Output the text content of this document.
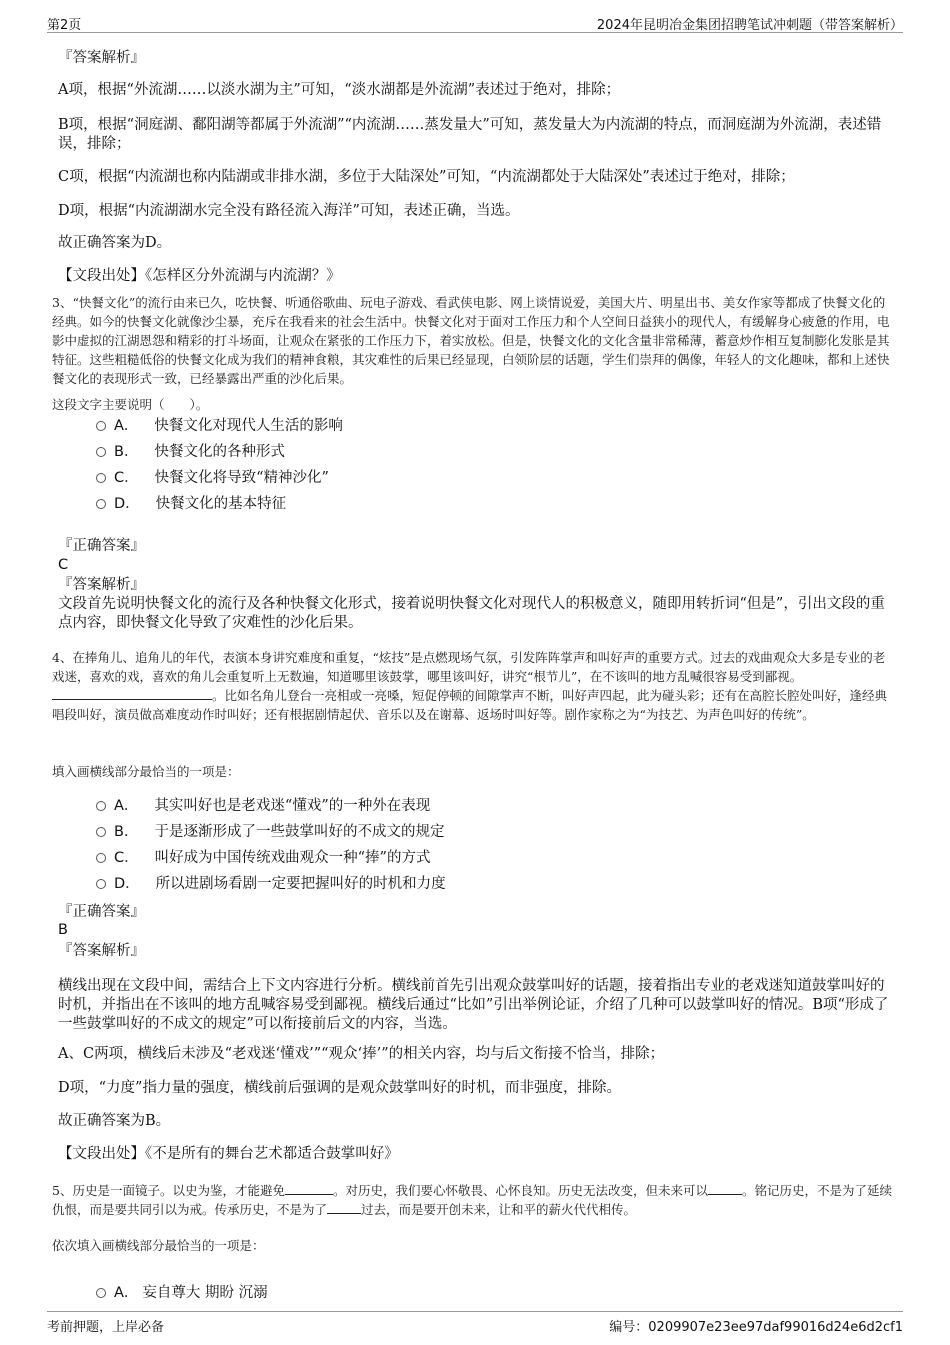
第2页	2024年昆明冶金集团招聘笔试冲刺题（带答案解析）
『答案解析』
A项，根据“外流湖……以淡水湖为主”可知，“淡水湖都是外流湖”表述过于绝对，排除；
B项，根据“洞庭湖、鄱阳湖等都属于外流湖”“内流湖……蒸发量大”可知，蒸发量大为内流湖的特点，而洞庭湖为外流湖，表述错误，排除；
C项，根据“内流湖也称内陆湖或非排水湖，多位于大陆深处”可知，“内流湖都处于大陆深处”表述过于绝对，排除；
D项，根据“内流湖湖水完全没有路径流入海洋”可知，表述正确，当选。
故正确答案为D。
【文段出处】《怎样区分外流湖与内流湖？》
3、“快餐文化”的流行由来已久，吃快餐、听通俗歌曲、玩电子游戏、看武侠电影、网上谈情说爱，美国大片、明星出书、美女作家等都成了快餐文化的经典。如今的快餐文化就像沙尘暴，充斥在我看来的社会生活中。快餐文化对于面对工作压力和个人空间日益狭小的现代人，有缓解身心疲惫的作用，电影中虚拟的江湖恩怨和精彩的打斗场面，让观众在紧张的工作压力下，着实放松。但是，快餐文化的文化含量非常稀薄，蓄意炒作相互复制膨化发胀是其特征。这些粗糙低俗的快餐文化成为我们的精神食粮，其灾难性的后果已经显现，白领阶层的话题，学生们崇拜的偶像，年轻人的文化趣味，都和上述快餐文化的表现形式一致，已经暴露出严重的沙化后果。
这段文字主要说明（　　）。
A． 快餐文化对现代人生活的影响
B． 快餐文化的各种形式
C． 快餐文化将导致“精神沙化”
D． 快餐文化的基本特征
『正确答案』
C
『答案解析』
文段首先说明快餐文化的流行及各种快餐文化形式，接着说明快餐文化对现代人的积极意义，随即用转折词“但是”，引出文段的重点内容，即快餐文化导致了灾难性的沙化后果。
4、在捧角儿、追角儿的年代，表演本身讲究难度和重复，“炫技”是点燃现场气氛，引发阵阵掌声和叫好声的重要方式。过去的戏曲观众大多是专业的老戏迷，喜欢的戏，喜欢的角儿会重复听上无数遍，知道哪里该鼓掌，哪里该叫好，讲究“根节儿”，在不该叫的地方乱喊很容易受到鄙视。。比如名角儿登台一亮相或一亮嗓，短促停顿的间隙掌声不断，叫好声四起，此为碰头彩；还有在高腔长腔处叫好，逢经典唱段叫好，演员做高难度动作时叫好；还有根据剧情起伏、音乐以及在谢幕、返场时叫好等。剧作家称之为“为技艺、为声色叫好的传统”。
填入画横线部分最恰当的一项是：
A． 其实叫好也是老戏迷“懂戏”的一种外在表现
B． 于是逐渐形成了一些鼓掌叫好的不成文的规定
C． 叫好成为中国传统戏曲观众一种“捧”的方式
D． 所以进剧场看剧一定要把握叫好的时机和力度
『正确答案』
B
『答案解析』
横线出现在文段中间，需结合上下文内容进行分析。横线前首先引出观众鼓掌叫好的话题，接着指出专业的老戏迷知道鼓掌叫好的时机，并指出在不该叫的地方乱喊容易受到鄙视。横线后通过“比如”引出举例论证，介绍了几种可以鼓掌叫好的情况。B项“形成了一些鼓掌叫好的不成文的规定”可以衔接前后文的内容，当选。
A、C两项，横线后未涉及“老戏迷‘懂戏’”“观众‘捧’”的相关内容，均与后文衔接不恰当，排除；
D项，“力度”指力量的强度，横线前后强调的是观众鼓掌叫好的时机，而非强度，排除。
故正确答案为B。
【文段出处】《不是所有的舞台艺术都适合鼓掌叫好》
5、历史是一面镜子。以史为鉴，才能避免	。对历史，我们要心怀敬畏、心怀良知。历史无法改变，但未来可以	。铭记历史，不是为了延续仇恨，而是要共同引以为戒。传承历史，不是为了	过去，而是要开创未来，让和平的薪火代代相传。
依次填入画横线部分最恰当的一项是：
A． 妄自尊大 期盼 沉溺
考前押题，上岸必备	编号：0209907e23ee97daf99016d24e6d2cf1
